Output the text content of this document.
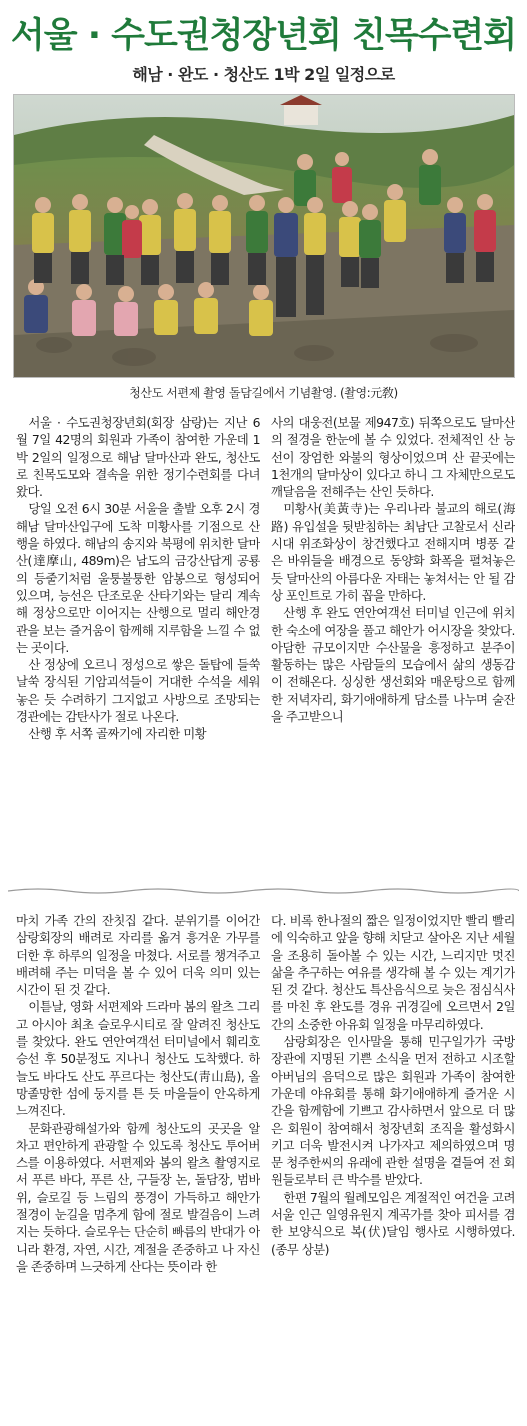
서울 · 수도권청장년회 친목수련회
해남 · 완도 · 청산도 1박 2일 일정으로
청산도 서편제 촬영 돌담길에서 기념촬영. (촬영:元敎)

서울 · 수도권청장년회(회장 삼랑)는 지난 6월 7일 42명의 회원과 가족이 참여한 가운데 1박 2일의 일정으로 해남 달마산과 완도, 청산도로 친목도모와 결속을 위한 정기수련회를 다녀왔다.

당일 오전 6시 30분 서울을 출발 오후 2시 경 해남 달마산입구에 도착 미황사를 기점으로 산행을 하였다. 해남의 송지와 북평에 위치한 달마산(達摩山, 489m)은 남도의 금강산답게 공룡의 등줄기처럼 울퉁불퉁한 암봉으로 형성되어 있으며, 능선은 단조로운 산타기와는 달리 계속해 정상으로만 이어지는 산행으로 멀리 해안경관을 보는 즐거움이 함께해 지루함을 느낄 수 없는 곳이다.

산 정상에 오르니 정성으로 쌓은 돌탑에 들쑥날쑥 장식된 기암괴석들이 거대한 수석을 세워놓은 듯 수려하기 그지없고 사방으로 조망되는 경관에는 감탄사가 절로 나온다.

산행 후 서쪽 골짜기에 자리한 미황

사의 대웅전(보물 제947호) 뒤쪽으로도 달마산의 절경을 한눈에 볼 수 있었다. 전체적인 산 능선이 장엄한 와불의 형상이었으며 산 끝곳에는 1천개의 달마상이 있다고 하니 그 자체만으로도 깨달음을 전해주는 산인 듯하다.

미황사(美黃寺)는 우리나라 불교의 해로(海路) 유입설을 뒷받침하는 최남단 고찰로서 신라시대 위조화상이 창건했다고 전해지며 병풍 같은 바위들을 배경으로 동양화 화폭을 펼쳐놓은 듯 달마산의 아름다운 자태는 놓쳐서는 안 될 감상 포인트로 가히 꼽을 만하다.

산행 후 완도 연안여객선 터미널 인근에 위치한 숙소에 여장을 풀고 해안가 어시장을 찾았다. 아담한 규모이지만 수산물을 흥정하고 분주이 활동하는 많은 사람들의 모습에서 삶의 생동감이 전해온다. 싱싱한 생선회와 매운탕으로 함께한 저녁자리, 화기애애하게 담소를 나누며 술잔을 주고받으니

마치 가족 간의 잔칫집 같다. 분위기를 이어간 삼랑회장의 배려로 자리를 옮겨 흥겨운 가무를 더한 후 하루의 일정을 마쳤다. 서로를 챙겨주고 배려해 주는 미덕을 볼 수 있어 더욱 의미 있는 시간이 된 것 같다.

이튿날, 영화 서편제와 드라마 봄의 왈츠 그리고 아시아 최초 슬로우시티로 잘 알려진 청산도를 찾았다. 완도 연안여객선 터미널에서 훼리호 승선 후 50분정도 지나니 청산도 도착했다. 하늘도 바다도 산도 푸르다는 청산도(靑山島), 올망졸망한 섬에 둥지를 튼 듯 마을들이 안옥하게 느껴진다.

문화관광해설가와 함께 청산도의 곳곳을 알차고 편안하게 관광할 수 있도록 청산도 투어버스를 이용하였다. 서편제와 봄의 왈츠 촬영지로서 푸른 바다, 푸른 산, 구들장 논, 돌담장, 범바위, 슬로길 등 느림의 풍경이 가득하고 해안가 절경이 눈길을 멈추게 함에 절로 발걸음이 느려지는 듯하다. 슬로우는 단순히 빠름의 반대가 아니라 환경, 자연, 시간, 계절을 존중하고 나 자신을 존중하며 느긋하게 산다는 뜻이라 한

다. 비록 한나절의 짧은 일정이었지만 빨리 빨리에 익숙하고 앞을 향해 치닫고 살아온 지난 세월을 조용히 돌아볼 수 있는 시간, 느리지만 멋진 삶을 추구하는 여유를 생각해 볼 수 있는 계기가 된 것 같다. 청산도 특산음식으로 늦은 점심식사를 마친 후 완도를 경유 귀경길에 오르면서 2일간의 소중한 아유회 일정을 마무리하였다.

삼랑회장은 인사말을 통해 민구일가가 국방장관에 지명된 기쁜 소식을 먼저 전하고 시조할아버님의 음덕으로 많은 회원과 가족이 참여한 가운데 야유회를 통해 화기애애하게 즐거운 시간을 함께함에 기쁘고 감사하면서 앞으로 더 많은 회원이 참여해서 청장년회 조직을 활성화시키고 더욱 발전시켜 나가자고 제의하였으며 명문 청주한씨의 유래에 관한 설명을 곁들여 전 회원들로부터 큰 박수를 받았다.

한편 7월의 월례모임은 계절적인 여건을 고려 서울 인근 일영유원지 계곡가를 찾아 피서를 겸한 보양식으로 복(伏)달임 행사로 시행하였다.(종무 상분)
